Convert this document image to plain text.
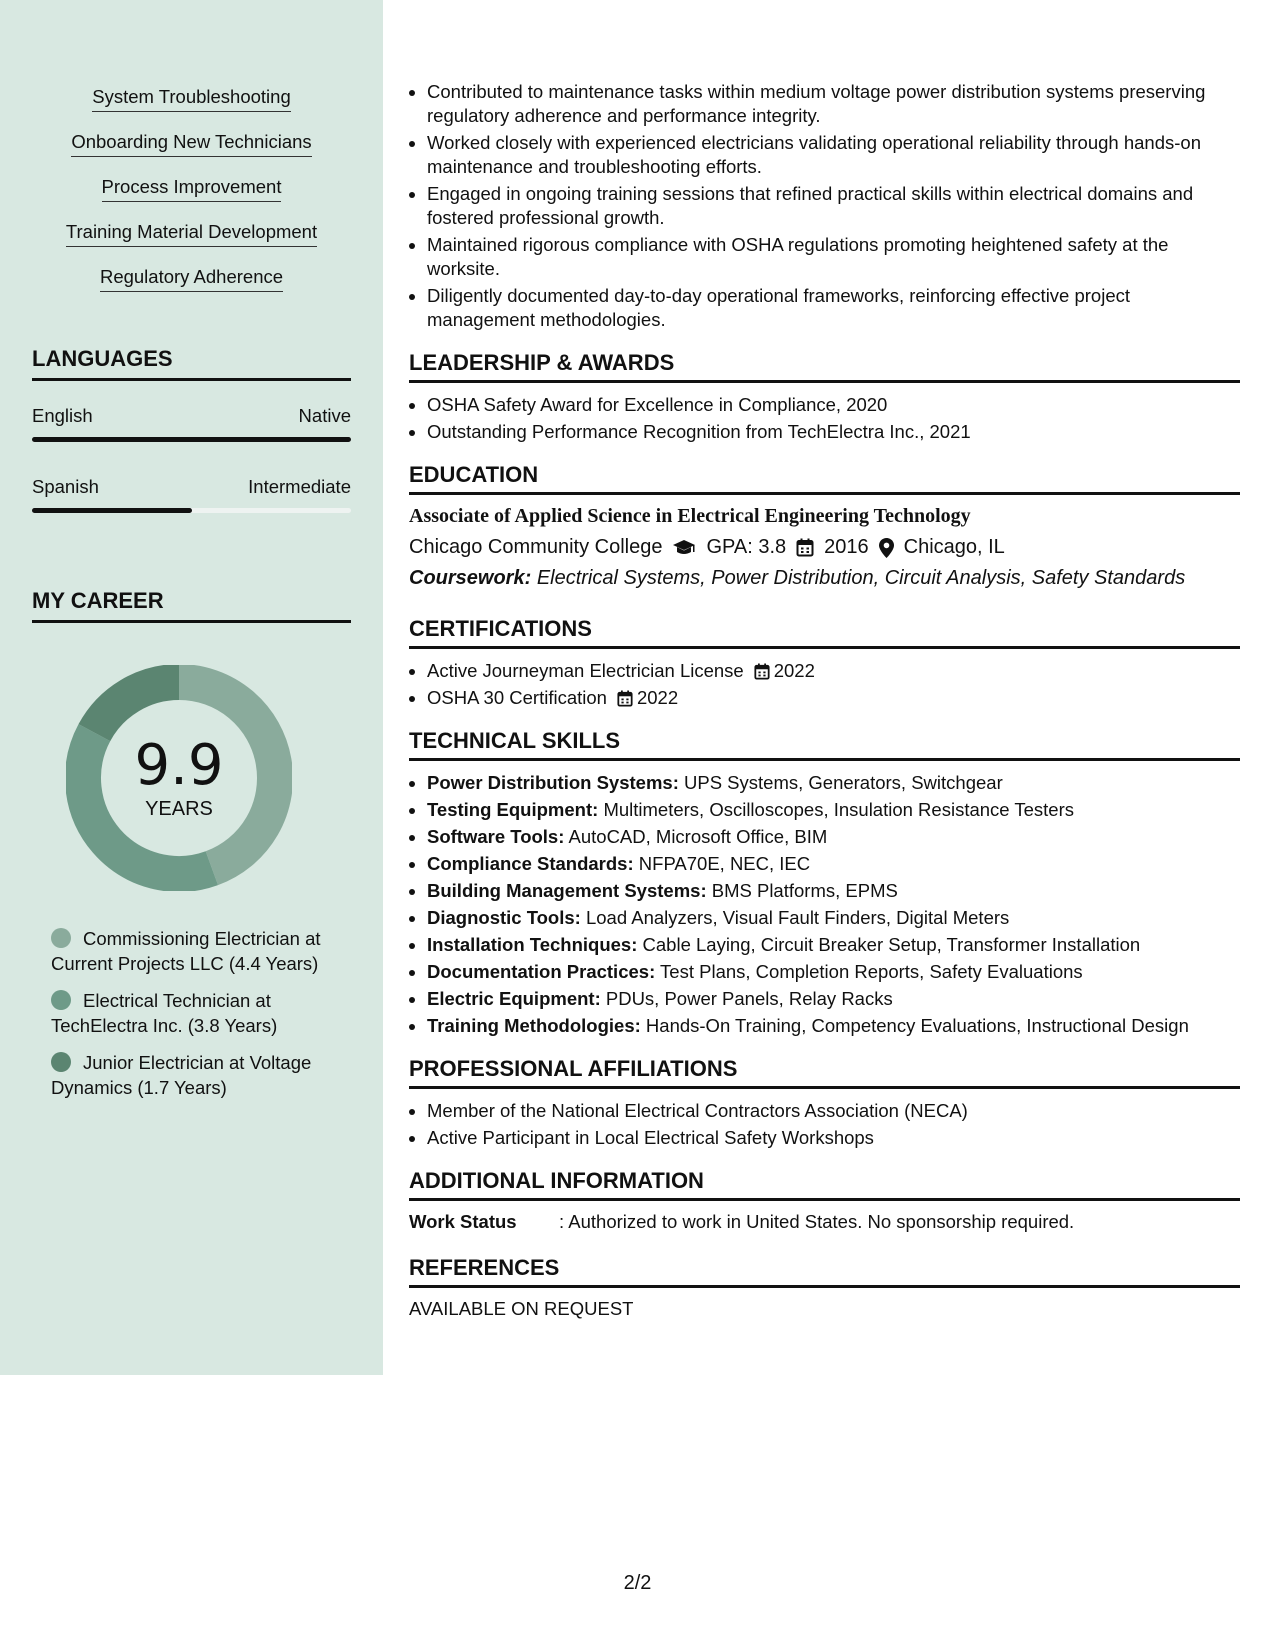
System Troubleshooting
Onboarding New Technicians
Process Improvement
Training Material Development
Regulatory Adherence
LANGUAGES
English	Native
Spanish	Intermediate
MY CAREER
9.9
YEARS
Commissioning Electrician at Current Projects LLC (4.4 Years)
Electrical Technician at TechElectra Inc. (3.8 Years)
Junior Electrician at Voltage Dynamics (1.7 Years)
• Contributed to maintenance tasks within medium voltage power distribution systems preserving regulatory adherence and performance integrity.
• Worked closely with experienced electricians validating operational reliability through hands-on maintenance and troubleshooting efforts.
• Engaged in ongoing training sessions that refined practical skills within electrical domains and fostered professional growth.
• Maintained rigorous compliance with OSHA regulations promoting heightened safety at the worksite.
• Diligently documented day-to-day operational frameworks, reinforcing effective project management methodologies.
LEADERSHIP & AWARDS
• OSHA Safety Award for Excellence in Compliance, 2020
• Outstanding Performance Recognition from TechElectra Inc., 2021
EDUCATION
Associate of Applied Science in Electrical Engineering Technology
Chicago Community College GPA: 3.8 2016 Chicago, IL
Coursework: Electrical Systems, Power Distribution, Circuit Analysis, Safety Standards
CERTIFICATIONS
• Active Journeyman Electrician License 2022
• OSHA 30 Certification 2022
TECHNICAL SKILLS
• Power Distribution Systems: UPS Systems, Generators, Switchgear
• Testing Equipment: Multimeters, Oscilloscopes, Insulation Resistance Testers
• Software Tools: AutoCAD, Microsoft Office, BIM
• Compliance Standards: NFPA70E, NEC, IEC
• Building Management Systems: BMS Platforms, EPMS
• Diagnostic Tools: Load Analyzers, Visual Fault Finders, Digital Meters
• Installation Techniques: Cable Laying, Circuit Breaker Setup, Transformer Installation
• Documentation Practices: Test Plans, Completion Reports, Safety Evaluations
• Electric Equipment: PDUs, Power Panels, Relay Racks
• Training Methodologies: Hands-On Training, Competency Evaluations, Instructional Design
PROFESSIONAL AFFILIATIONS
• Member of the National Electrical Contractors Association (NECA)
• Active Participant in Local Electrical Safety Workshops
ADDITIONAL INFORMATION
Work Status	: Authorized to work in United States. No sponsorship required.
REFERENCES
AVAILABLE ON REQUEST
2/2
